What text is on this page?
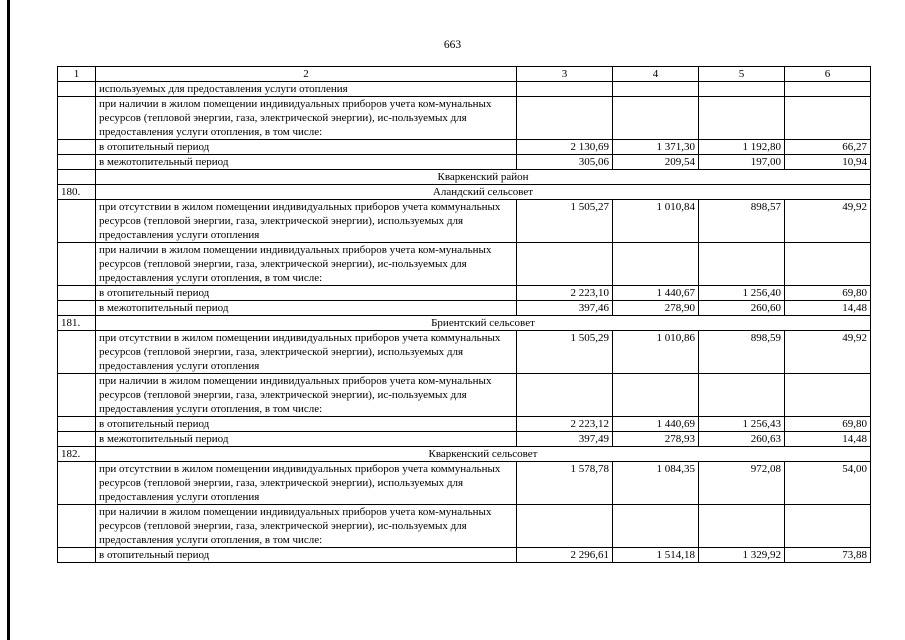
663
1	2	3	4	5	6
	используемых для предоставления услуги отопления				
	при наличии в жилом помещении индивидуальных приборов учета ком-мунальных ресурсов (тепловой энергии, газа, электрической энергии), ис-пользуемых для предоставления услуги отопления, в том числе:				
	в отопительный период	2 130,69	1 371,30	1 192,80	66,27
	в межотопительный период	305,06	209,54	197,00	10,94
	Кваркенский район				
180.	Аландский сельсовет				
	при отсутствии в жилом помещении индивидуальных приборов учета коммунальных ресурсов (тепловой энергии, газа, электрической энергии), используемых для предоставления услуги отопления	1 505,27	1 010,84	898,57	49,92
	при наличии в жилом помещении индивидуальных приборов учета ком-мунальных ресурсов (тепловой энергии, газа, электрической энергии), ис-пользуемых для предоставления услуги отопления, в том числе:				
	в отопительный период	2 223,10	1 440,67	1 256,40	69,80
	в межотопительный период	397,46	278,90	260,60	14,48
181.	Бриентский сельсовет				
	при отсутствии в жилом помещении индивидуальных приборов учета коммунальных ресурсов (тепловой энергии, газа, электрической энергии), используемых для предоставления услуги отопления	1 505,29	1 010,86	898,59	49,92
	при наличии в жилом помещении индивидуальных приборов учета ком-мунальных ресурсов (тепловой энергии, газа, электрической энергии), ис-пользуемых для предоставления услуги отопления, в том числе:				
	в отопительный период	2 223,12	1 440,69	1 256,43	69,80
	в межотопительный период	397,49	278,93	260,63	14,48
182.	Кваркенский сельсовет				
	при отсутствии в жилом помещении индивидуальных приборов учета коммунальных ресурсов (тепловой энергии, газа, электрической энергии), используемых для предоставления услуги отопления	1 578,78	1 084,35	972,08	54,00
	при наличии в жилом помещении индивидуальных приборов учета ком-мунальных ресурсов (тепловой энергии, газа, электрической энергии), ис-пользуемых для предоставления услуги отопления, в том числе:				
	в отопительный период	2 296,61	1 514,18	1 329,92	73,88
